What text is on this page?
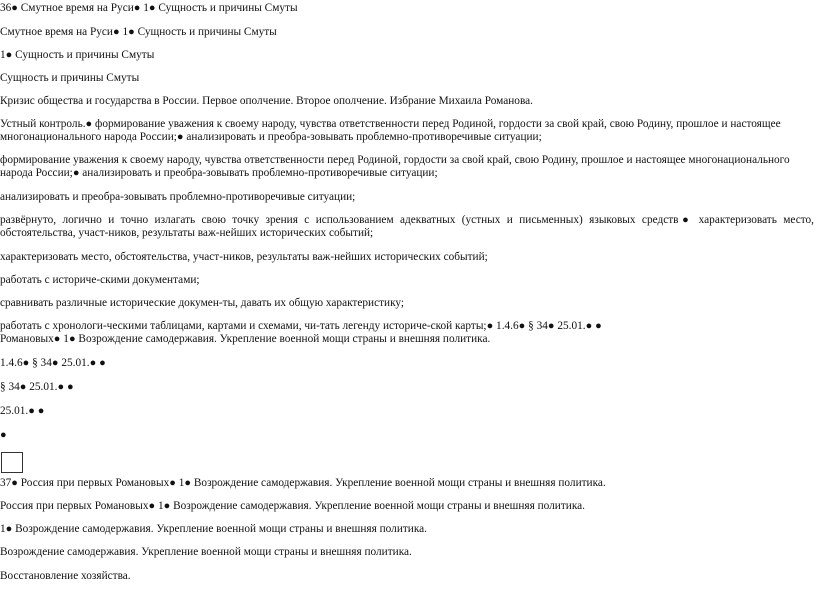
36● Смутное время на Руси● 1● Сущность и причины Смуты
Смутное время на Руси● 1● Сущность и причины Смуты
1● Сущность и причины Смуты
Сущность и причины Смуты
Кризис общества и государства в России. Первое ополчение. Второе ополчение. Избрание Михаила Романова.
Устный контроль.● формирование уважения к своему народу, чувства ответственности перед Родиной, гордости за свой край, свою Родину, прошлое и настоящее многонационального народа России;● анализировать и преобра-зовывать проблемно-противоречивые ситуации;
формирование уважения к своему народу, чувства ответственности перед Родиной, гордости за свой край, свою Родину, прошлое и настоящее многонационального народа России;● анализировать и преобра-зовывать проблемно-противоречивые ситуации;
анализировать и преобра-зовывать проблемно-противоречивые ситуации;
развёрнуто, логично и точно излагать свою точку зрения с использованием адекватных (устных и письменных) языковых средств● характеризовать место, обстоятельства, участ-ников, результаты важ-нейших исторических событий;
характеризовать место, обстоятельства, участ-ников, результаты важ-нейших исторических событий;
работать с историче-скими документами;
сравнивать различные исторические докумен-ты, давать их общую характеристику;
работать с хронологи-ческими таблицами, картами и схемами, чи-тать легенду историче-ской карты;● 1.4.6● § 34● 25.01.● ●
Романовых● 1● Возрождение самодержавия. Укрепление военной мощи страны и внешняя политика.
1.4.6● § 34● 25.01.● ●
§ 34● 25.01.● ●
25.01.● ●
●
37● Россия при первых Романовых● 1● Возрождение самодержавия. Укрепление военной мощи страны и внешняя политика.
Россия при первых Романовых● 1● Возрождение самодержавия. Укрепление военной мощи страны и внешняя политика.
1● Возрождение самодержавия. Укрепление военной мощи страны и внешняя политика.
Возрождение самодержавия. Укрепление военной мощи страны и внешняя политика.
Восстановление хозяйства.
